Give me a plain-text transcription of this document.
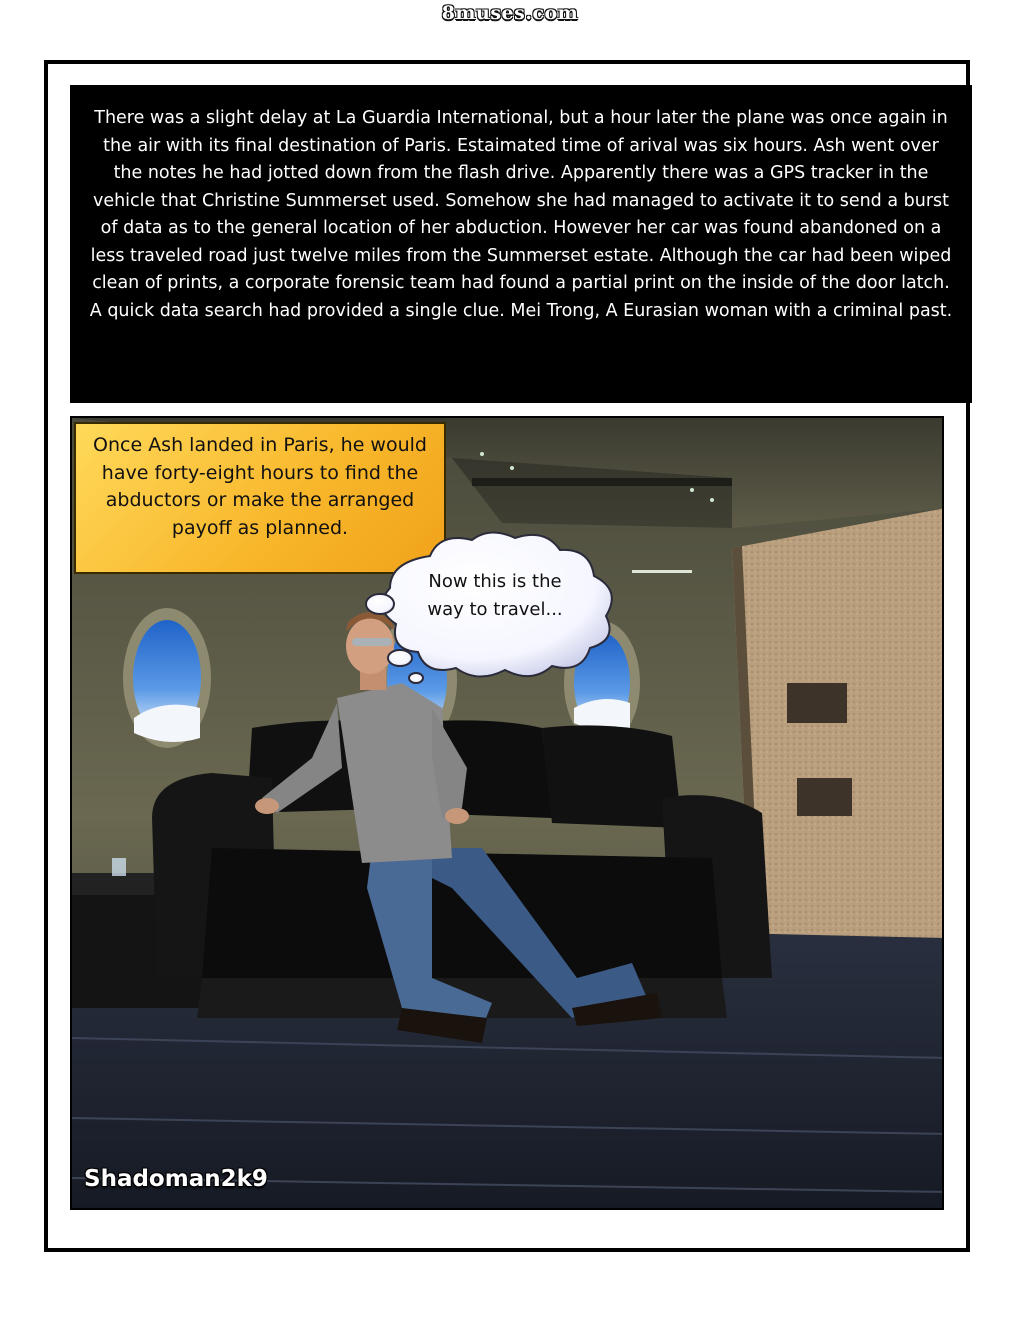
8muses.com

There was a slight delay at La Guardia International, but a hour later the plane was once again in the air with its final destination of Paris. Estaimated time of arival was six hours. Ash went over the notes he had jotted down from the flash drive. Apparently there was a GPS tracker in the vehicle that Christine Summerset used. Somehow she had managed to activate it to send a burst of data as to the general location of her abduction. However her car was found abandoned on a less traveled road just twelve miles from the Summerset estate. Although the car had been wiped clean of prints, a corporate forensic team had found a partial print on the inside of the door latch. A quick data search had provided a single clue. Mei Trong, A Eurasian woman with a criminal past.

Once Ash landed in Paris, he would have forty-eight hours to find the abductors or make the arranged payoff as planned.

Now this is the way to travel...
Shadoman2k9
